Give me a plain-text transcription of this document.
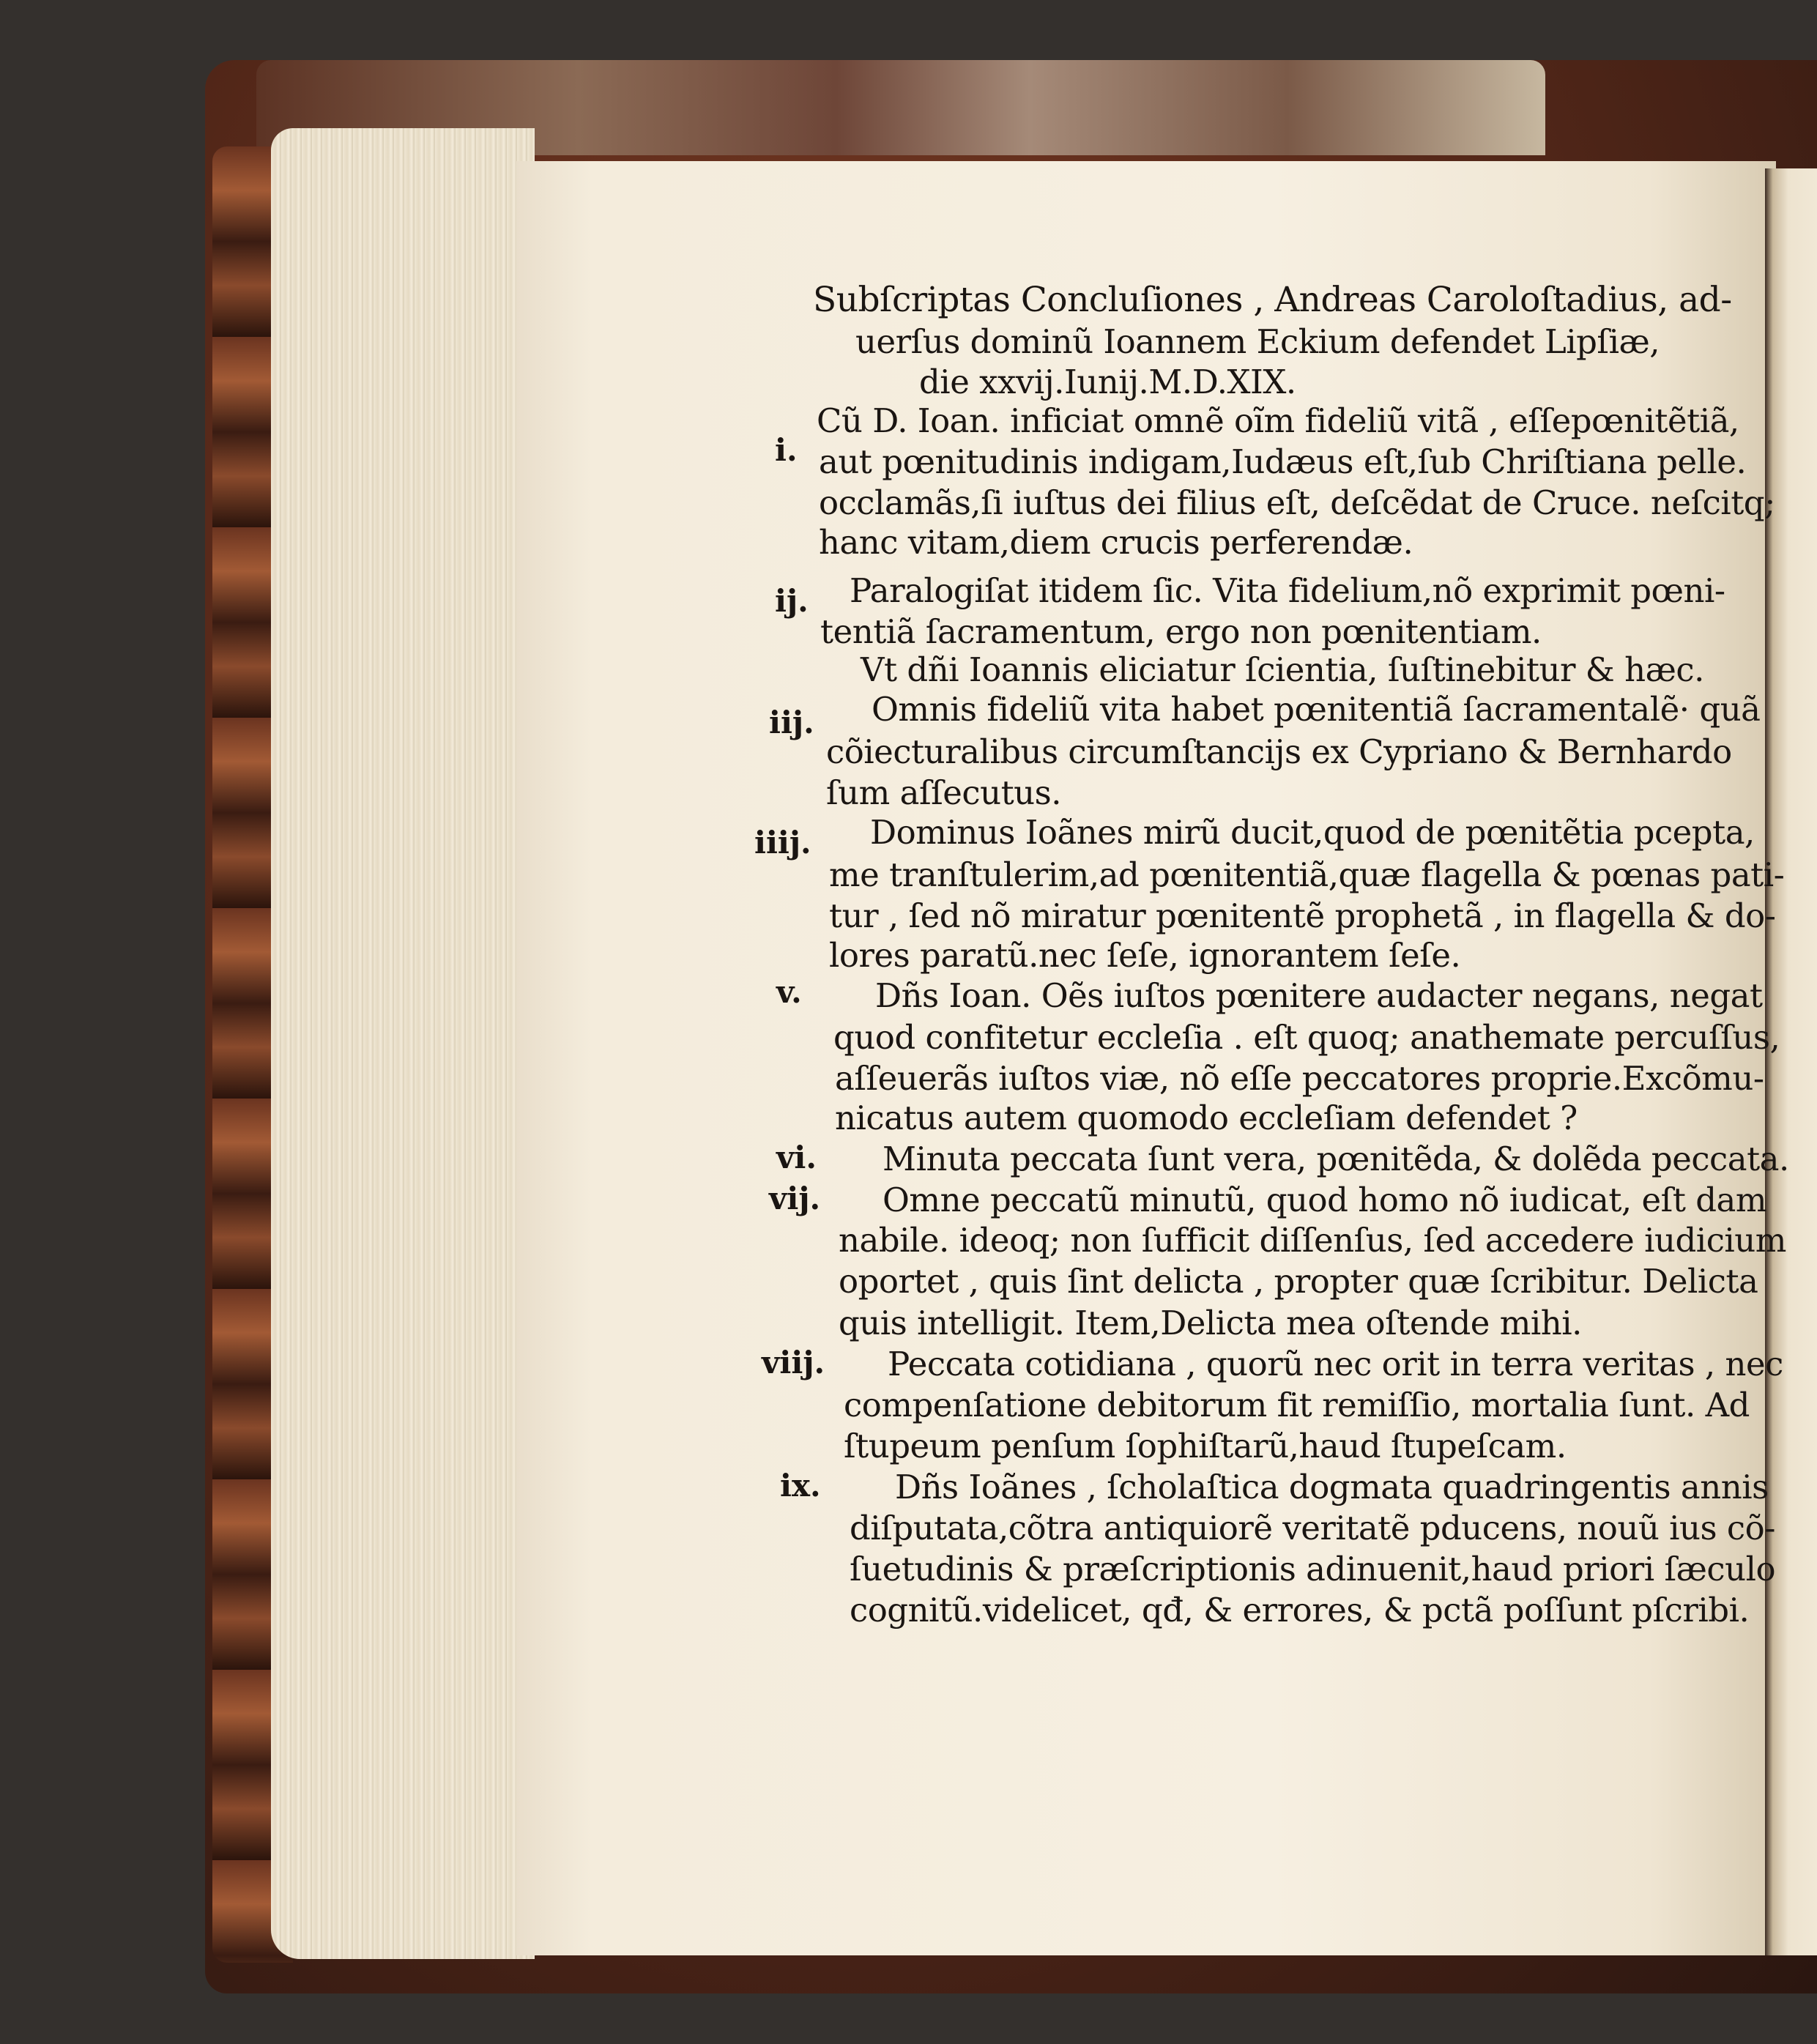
Subſcriptas Concluſiones , Andreas Caroloſtadius, ad-
uerſus dominũ Ioannem Eckium defendet Lipſiæ,
die xxvij.Iunij.M.D.XIX.
Cũ D. Ioan. inficiat omnẽ oĩm fideliũ vitã , eſſepœnitẽtiã,
aut pœnitudinis indigam,Iudæus eſt,ſub Chriſtiana pelle.
occlamãs,ſi iuſtus dei filius eſt, deſcẽdat de Cruce. neſcitq;
hanc vitam,diem crucis perferendæ.
Paralogiſat itidem ſic. Vita fidelium,nõ exprimit pœni-
tentiã ſacramentum, ergo non pœnitentiam.
Vt dñi Ioannis eliciatur ſcientia, ſuſtinebitur & hæc.
Omnis fideliũ vita habet pœnitentiã ſacramentalẽ· quã
cõiecturalibus circumſtancijs ex Cypriano & Bernhardo
ſum aſſecutus.
Dominus Ioãnes mirũ ducit,quod de pœnitẽtia pcepta,
me tranſtulerim,ad pœnitentiã,quæ flagella & pœnas pati-
tur , ſed nõ miratur pœnitentẽ prophetã , in flagella & do-
lores paratũ.nec ſeſe, ignorantem ſeſe.
Dñs Ioan. Oẽs iuſtos pœnitere audacter negans, negat
quod confitetur eccleſia . eſt quoq; anathemate percuſſus,
aſſeuerãs iuſtos viæ, nõ eſſe peccatores proprie.Excõmu-
nicatus autem quomodo eccleſiam defendet ?
Minuta peccata ſunt vera, pœnitẽda, & dolẽda peccata.
Omne peccatũ minutũ, quod homo nõ iudicat, eſt dam
nabile. ideoq; non ſufficit diſſenſus, ſed accedere iudicium
oportet , quis ſint delicta , propter quæ ſcribitur. Delicta
quis intelligit. Item,Delicta mea oſtende mihi.
Peccata cotidiana , quorũ nec orit in terra veritas , nec
compenſatione debitorum fit remiſſio, mortalia ſunt. Ad
ſtupeum penſum ſophiſtarũ,haud ſtupeſcam.
Dñs Ioãnes , ſcholaſtica dogmata quadringentis annis
diſputata,cõtra antiquiorẽ veritatẽ pducens, nouũ ius cõ-
ſuetudinis & præſcriptionis adinuenit,haud priori ſæculo
cognitũ.videlicet, qđ, & errores, & pctã poſſunt pſcribi.
i.
ij.
iij.
iiij.
v.
vi.
vij.
viij.
ix.
